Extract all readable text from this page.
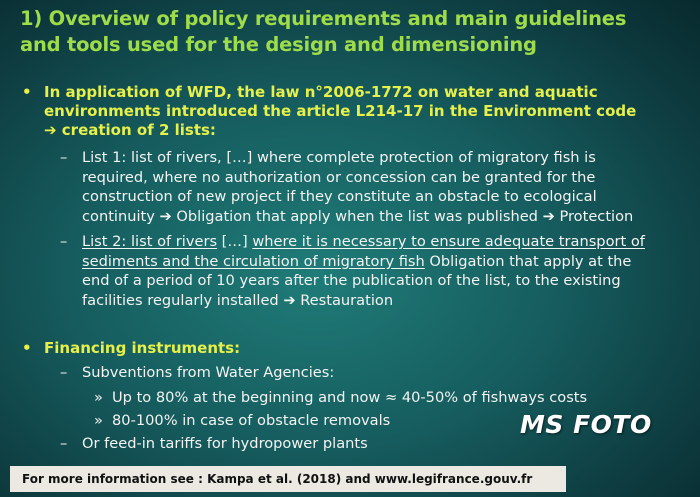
1) Overview of policy requirements and main guidelines
and tools used for the design and dimensioning
• In application of WFD, the law n°2006-1772 on water and aquatic
environments introduced the article L214-17 in the Environment code
➔ creation of 2 lists:
– List 1: list of rivers, […] where complete protection of migratory fish is
required, where no authorization or concession can be granted for the
construction of new project if they constitute an obstacle to ecological
continuity ➔ Obligation that apply when the list was published ➔ Protection
– List 2: list of rivers […] where it is necessary to ensure adequate transport of
sediments and the circulation of migratory fish Obligation that apply at the
end of a period of 10 years after the publication of the list, to the existing
facilities regularly installed ➔ Restauration
• Financing instruments:
– Subventions from Water Agencies:
» Up to 80% at the beginning and now ≈ 40-50% of fishways costs
» 80-100% in case of obstacle removals
– Or feed-in tariffs for hydropower plants
For more information see : Kampa et al. (2018) and www.legifrance.gouv.fr
MS FOTO
